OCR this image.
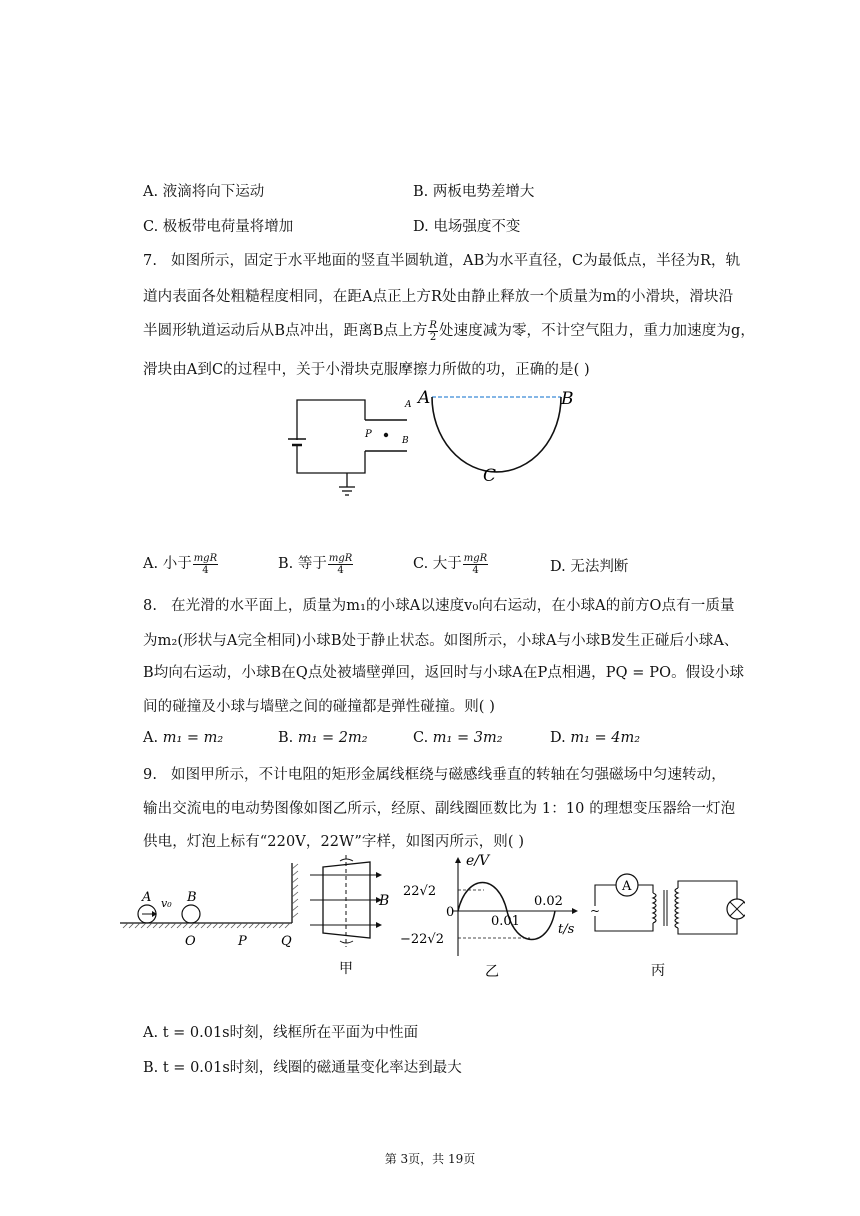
A. 液滴将向下运动	B. 两板电势差增大
C. 极板带电荷量将增加	D. 电场强度不变
7. 如图所示，固定于水平地面的竖直半圆轨道，AB为水平直径，C为最低点，半径为R，轨
道内表面各处粗糙程度相同，在距A点正上方R处由静止释放一个质量为m的小滑块，滑块沿
半圆形轨道运动后从B点冲出，距离B点上方 $\frac{R}{2}$ 处速度减为零，不计空气阻力，重力加速度为g，
滑块由A到C的过程中，关于小滑块克服摩擦力所做的功，正确的是( )
P
A
B
A	B
C
A. 小于 $\frac{\text{mgR}}{4}$	B. 等于 $\frac{\text{mgR}}{4}$	C. 大于 $\frac{\text{mgR}}{4}$	D. 无法判断
8. 在光滑的水平面上，质量为m₁的小球A以速度v₀向右运动，在小球A的前方O点有一质量
为m₂(形状与A完全相同)小球B处于静止状态。如图所示，小球A与小球B发生正碰后小球A、
B均向右运动，小球B在Q点处被墙壁弹回，返回时与小球A在P点相遇，PQ = PO。假设小球
间的碰撞及小球与墙壁之间的碰撞都是弹性碰撞。则( )
A. m₁ = m₂	B. m₁ = 2m₂	C. m₁ = 3m₂	D. m₁ = 4m₂
9. 如图甲所示，不计电阻的矩形金属线框绕与磁感线垂直的转轴在匀强磁场中匀速转动，
输出交流电的电动势图像如图乙所示，经原、副线圈匝数比为 1：10 的理想变压器给一灯泡
供电，灯泡上标有“220V，22W”字样，如图丙所示，则( )
A v₀ B
O	P	Q
B
甲
e/V
22√2
0
−22√2
0.01
0.02
t/s
乙
A
~
丙
A. t = 0.01s时刻，线框所在平面为中性面
B. t = 0.01s时刻，线圈的磁通量变化率达到最大
第 3页，共 19页
